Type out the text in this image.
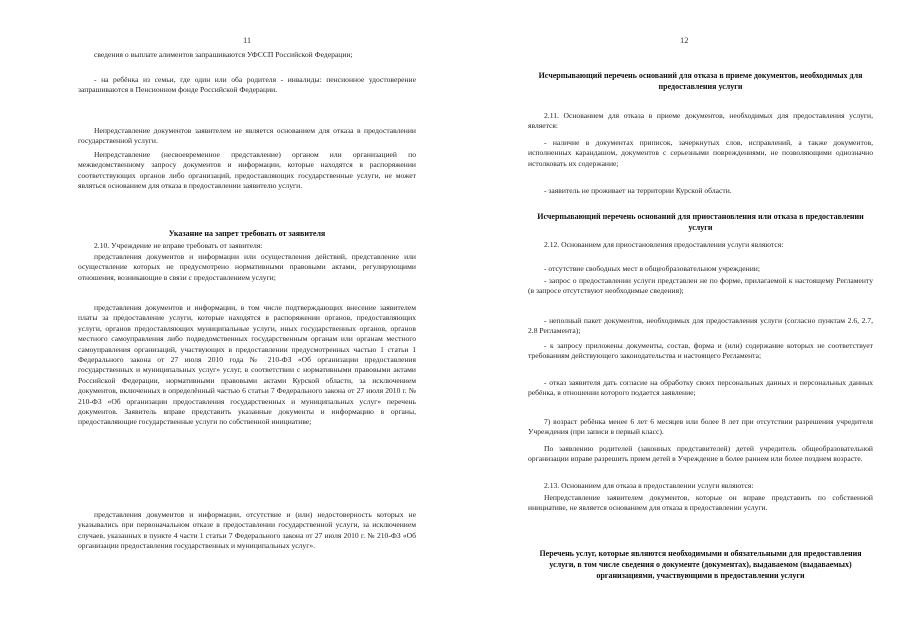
11
сведения о выплате алиментов запрашиваются УФССП Российской Федерации;
- на ребёнка из семьи, где один или оба родителя - инвалиды: пенсионное удостоверение запрашиваются в Пенсионном фонде Российской Федерации.
Непредставление документов заявителем не является основанием для отказа в предоставлении государственной услуги.
Непредставление (несвоевременное представление) органом или организацией по межведомственному запросу документов и информации, которые находятся в распоряжении соответствующих органов либо организаций, предоставляющих государственные услуги, не может являться основанием для отказа в предоставлении заявителю услуги.
Указание на запрет требовать от заявителя
2.10. Учреждение не вправе требовать от заявителя:
представления документов и информации или осуществления действий, представление или осуществление которых не предусмотрено нормативными правовыми актами, регулирующими отношения, возникающие в связи с предоставлением услуги;
представления документов и информации, в том числе подтверждающих внесение заявителем платы за предоставление услуги, которые находятся в распоряжении органов, предоставляющих услуги, органов предоставляющих муниципальные услуги, иных государственных органов, органов местного самоуправления либо подведомственных государственным органам или органам местного самоуправления организаций, участвующих в предоставлении предусмотренных частью 1 статьи 1 Федерального закона от 27 июля 2010 года № 210-ФЗ «Об организации предоставления государственных и муниципальных услуг» услуг, в соответствии с нормативными правовыми актами Российской Федерации, нормативными правовыми актами Курской области, за исключением документов, включенных в определённый частью 6 статьи 7 Федерального закона от 27 июля 2010 г. № 210-ФЗ «Об организации предоставления государственных и муниципальных услуг» перечень документов. Заявитель вправе представить указанные документы и информацию в органы, предоставляющие государственные услуги по собственной инициативе;
представления документов и информации, отсутствие и (или) недостоверность которых не указывались при первоначальном отказе в предоставлении государственной услуги, за исключением случаев, указанных в пункте 4 части 1 статьи 7 Федерального закона от 27 июля 2010 г. № 210-ФЗ «Об организации предоставления государственных и муниципальных услуг».
12
Исчерпывающий перечень оснований для отказа в приеме документов, необходимых для предоставления услуги
2.11. Основанием для отказа в приеме документов, необходимых для предоставления услуги, является:
- наличие в документах приписок, зачеркнутых слов, исправлений, а также документов, исполненных карандашом, документов с серьезными повреждениями, не позволяющими однозначно истолковать их содержание;
- заявитель не проживает на территории Курской области.
Исчерпывающий перечень оснований для приостановления или отказа в предоставлении услуги
2.12. Основанием для приостановления предоставления услуги являются:
- отсутствие свободных мест в общеобразовательном учреждении;
- запрос о предоставлении услуги представлен не по форме, прилагаемой к настоящему Регламенту (в запросе отсутствуют необходимые сведения);
- неполный пакет документов, необходимых для предоставления услуги (согласно пунктам 2.6, 2.7, 2.8 Регламента);
- к запросу приложены документы, состав, форма и (или) содержание которых не соответствует требованиям действующего законодательства и настоящего Регламента;
- отказ заявителя дать согласие на обработку своих персональных данных и персональных данных ребёнка, в отношении которого подается заявление;
7) возраст ребёнка менее 6 лет 6 месяцев или более 8 лет при отсутствии разрешения учредителя Учреждения (при записи в первый класс).
По заявлению родителей (законных представителей) детей учредитель общеобразовательной организации вправе разрешить прием детей в Учреждение в более раннем или более позднем возрасте.
2.13. Основанием для отказа в предоставлении услуги являются:
Непредставление заявителем документов, которые он вправе представить по собственной инициативе, не является основанием для отказа в предоставлении услуги.
Перечень услуг, которые являются необходимыми и обязательными для предоставления услуги, в том числе сведения о документе (документах), выдаваемом (выдаваемых) организациями, участвующими в предоставлении услуги
